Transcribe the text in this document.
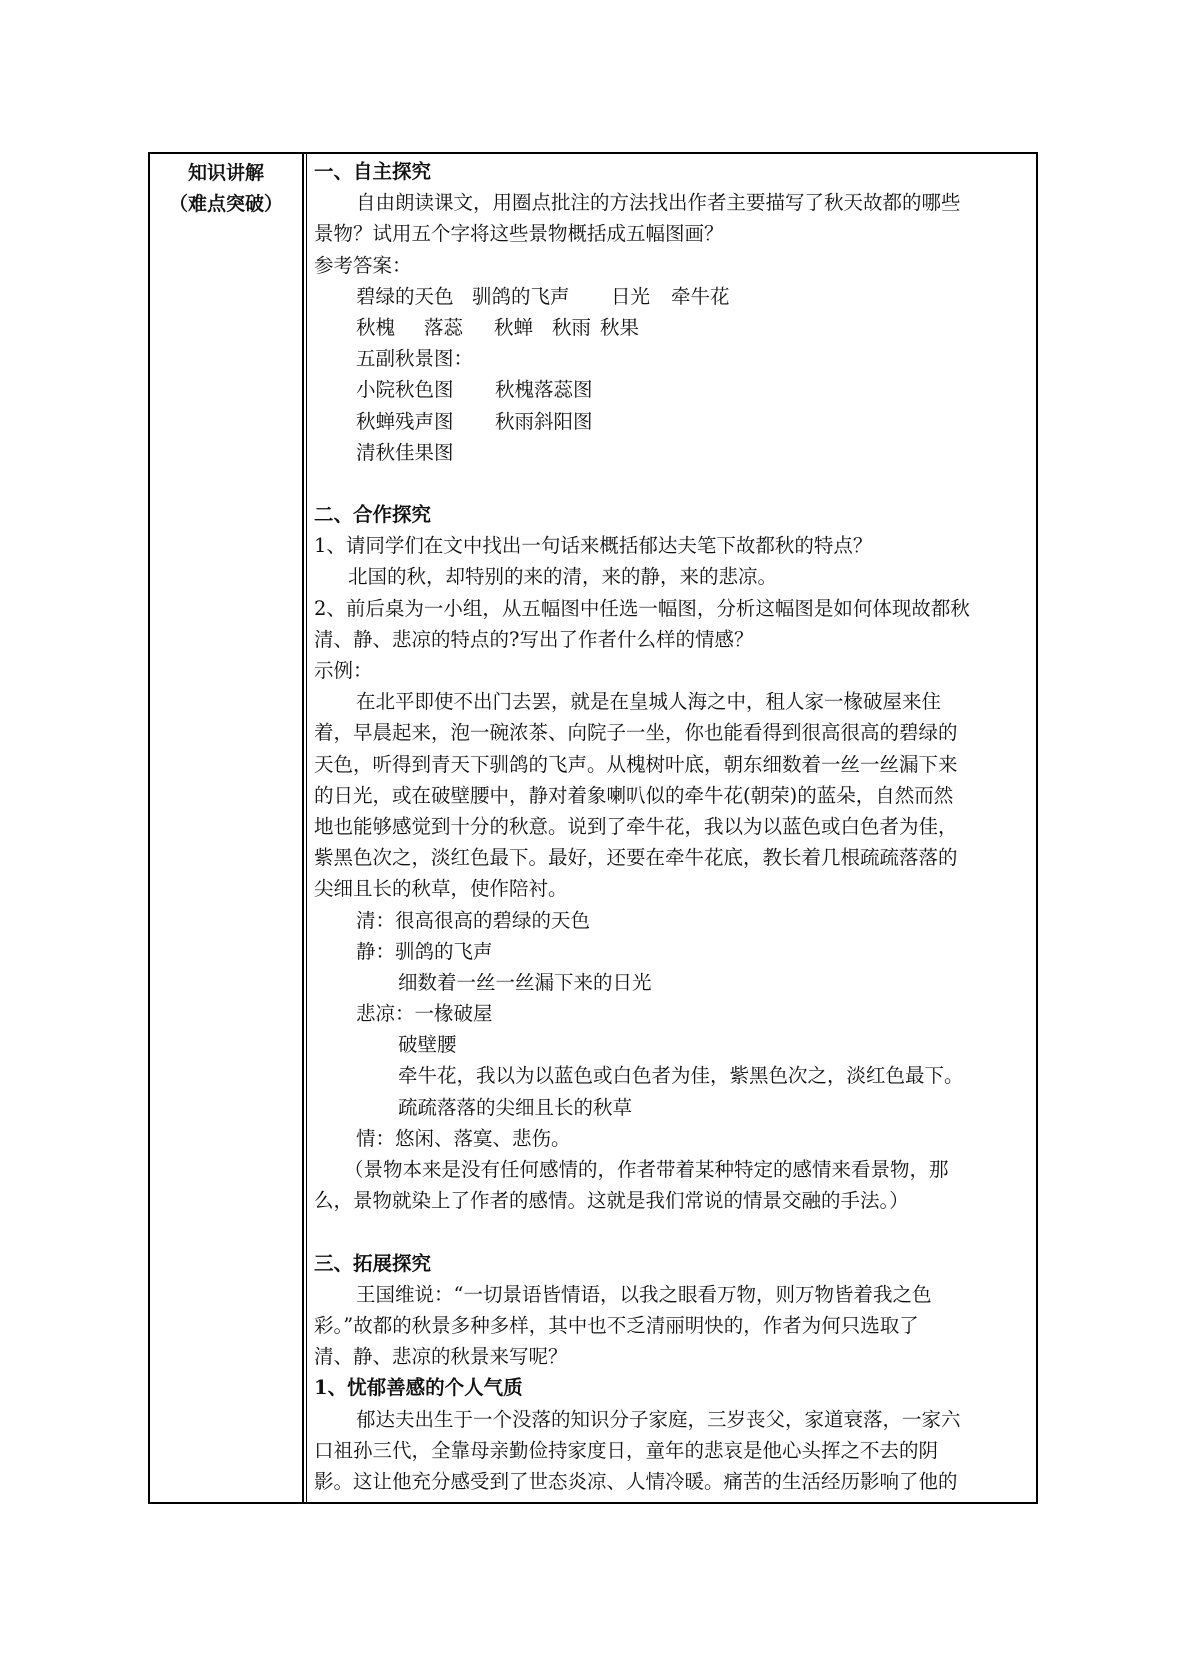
知识讲解
（难点突破）
一、自主探究
自由朗读课文，用圈点批注的方法找出作者主要描写了秋天故都的哪些
景物？试用五个字将这些景物概括成五幅图画？
参考答案：
碧绿的天色 驯鸽的飞声 日光 牵牛花
秋槐 落蕊 秋蝉 秋雨 秋果
五副秋景图：
小院秋色图 秋槐落蕊图
秋蝉残声图 秋雨斜阳图
清秋佳果图
二、合作探究
1、请同学们在文中找出一句话来概括郁达夫笔下故都秋的特点？
北国的秋，却特别的来的清，来的静，来的悲凉。
2、前后桌为一小组，从五幅图中任选一幅图，分析这幅图是如何体现故都秋
清、静、悲凉的特点的?写出了作者什么样的情感？
示例：
在北平即使不出门去罢，就是在皇城人海之中，租人家一椽破屋来住
着，早晨起来，泡一碗浓茶、向院子一坐，你也能看得到很高很高的碧绿的
天色，听得到青天下驯鸽的飞声。从槐树叶底，朝东细数着一丝一丝漏下来
的日光，或在破壁腰中，静对着象喇叭似的牵牛花(朝荣)的蓝朵，自然而然
地也能够感觉到十分的秋意。说到了牵牛花，我以为以蓝色或白色者为佳，
紫黑色次之，淡红色最下。最好，还要在牵牛花底，教长着几根疏疏落落的
尖细且长的秋草，使作陪衬。
清：很高很高的碧绿的天色
静：驯鸽的飞声
细数着一丝一丝漏下来的日光
悲凉：一椽破屋
破壁腰
牵牛花，我以为以蓝色或白色者为佳，紫黑色次之，淡红色最下。
疏疏落落的尖细且长的秋草
情：悠闲、落寞、悲伤。
（景物本来是没有任何感情的，作者带着某种特定的感情来看景物，那
么，景物就染上了作者的感情。这就是我们常说的情景交融的手法。）
三、拓展探究
王国维说：“一切景语皆情语，以我之眼看万物，则万物皆着我之色
彩。”故都的秋景多种多样，其中也不乏清丽明快的，作者为何只选取了
清、静、悲凉的秋景来写呢？
1、忧郁善感的个人气质
郁达夫出生于一个没落的知识分子家庭，三岁丧父，家道衰落，一家六
口祖孙三代，全靠母亲勤俭持家度日，童年的悲哀是他心头挥之不去的阴
影。这让他充分感受到了世态炎凉、人情冷暖。痛苦的生活经历影响了他的
